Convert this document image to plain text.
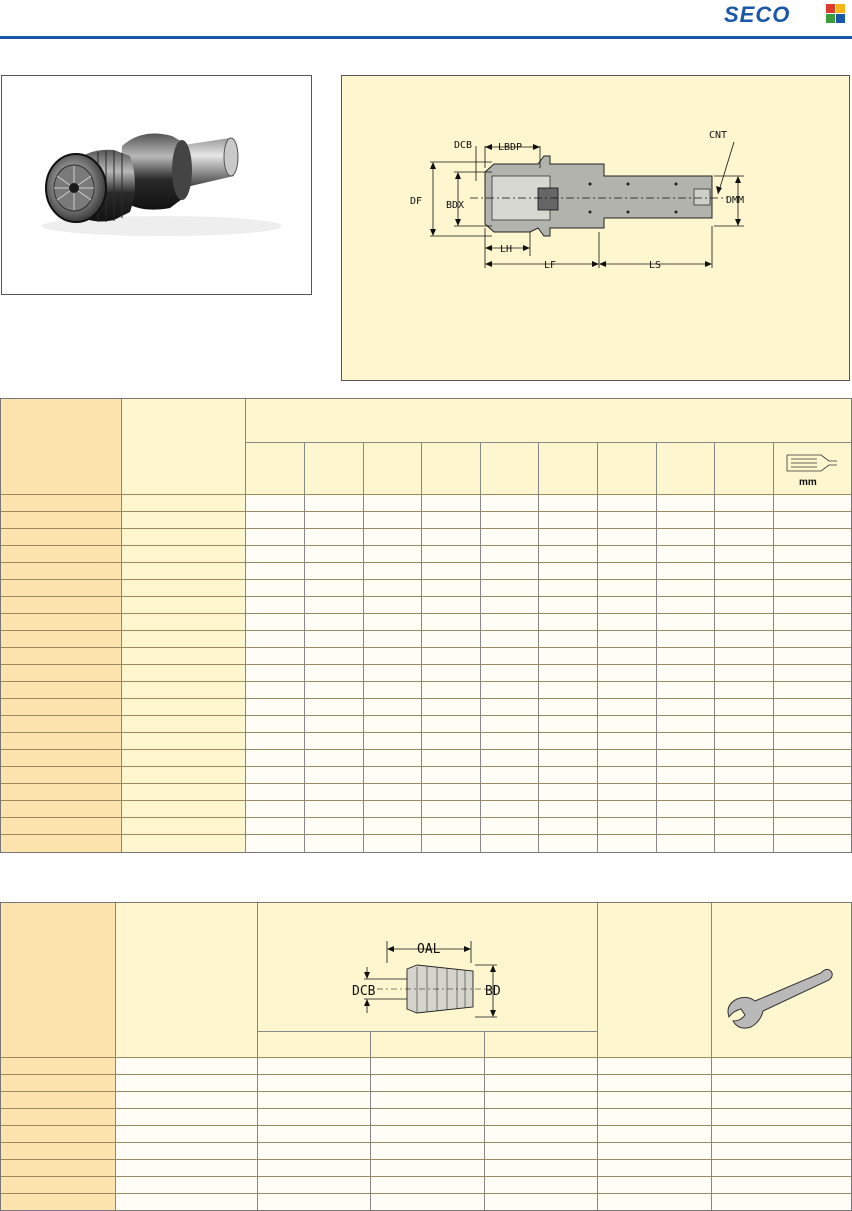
SECO
DCB	LBDP
CNT
DF BDX	DMM
LH
LF	LS
mm
OAL
DCB	BD
